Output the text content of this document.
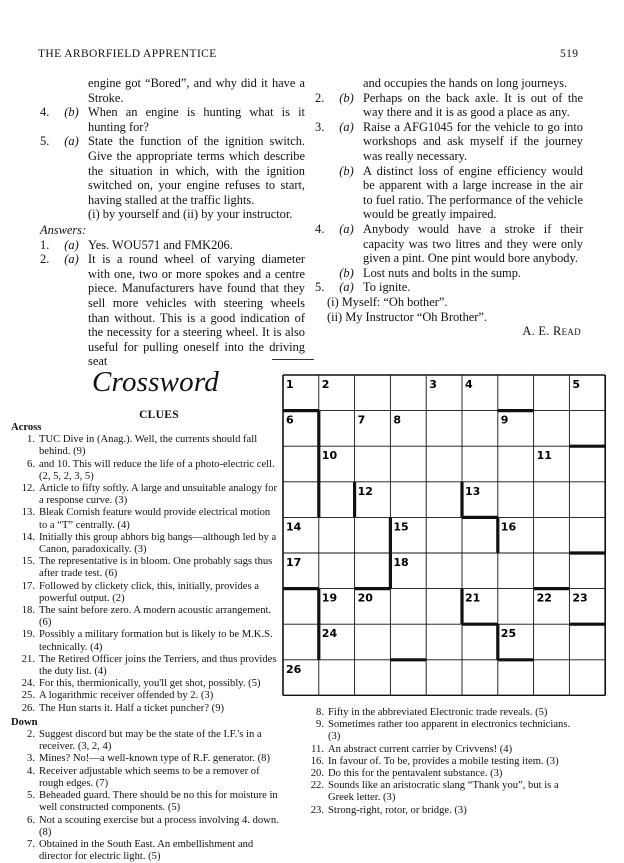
THE ARBORFIELD APPRENTICE	519
engine got “Bored”, and why did it have a Stroke.
4.	(b) When an engine is hunting what is it hunting for?
5.	(a) State the function of the ignition switch. Give the appropriate terms which describe the situation in which, with the ignition switched on, your engine refuses to start, having stalled at the traffic lights.
(i) by yourself and (ii) by your instructor.
Answers:
1.	(a) Yes. WOU571 and FMK206.
2.	(a) It is a round wheel of varying diameter with one, two or more spokes and a centre piece. Manufacturers have found that they sell more vehicles with steering wheels than without. This is a good indication of the necessity for a steering wheel. It is also useful for pulling oneself into the driving seat
and occupies the hands on long journeys.
2.	(b) Perhaps on the back axle. It is out of the way there and it is as good a place as any.
3.	(a) Raise a AFG1045 for the vehicle to go into workshops and ask myself if the journey was really necessary.
(b) A distinct loss of engine efficiency would be apparent with a large increase in the air to fuel ratio. The performance of the vehicle would be greatly impaired.
4.	(a) Anybody would have a stroke if their capacity was two litres and they were only given a pint. One pint would bore anybody.
(b) Lost nuts and bolts in the sump.
5.	(a) To ignite.
(i) Myself: “Oh bother”.
(ii) My Instructor “Oh Brother”.
A. E. Read
Crossword
CLUES
Across
1. TUC Dive in (Anag.). Well, the currents should fall behind. (9)
6. and 10. This will reduce the life of a photo-electric cell. (2, 5, 2, 3, 5)
12. Article to fifty softly. A large and unsuitable analogy for a response curve. (3)
13. Bleak Cornish feature would provide electrical motion to a “T” centrally. (4)
14. Initially this group abhors big bangs—although led by a Canon, paradoxically. (3)
15. The representative is in bloom. One probably sags thus after trade test. (6)
17. Followed by clickety click, this, initially, provides a powerful output. (2)
18. The saint before zero. A modern acoustic arrangement. (6)
19. Possibly a military formation but is likely to be M.K.S. technically. (4)
21. The Retired Officer joins the Terriers, and thus provides the duty list. (4)
24. For this, thermionically, you'll get shot, possibly. (5)
25. A logarithmic receiver offended by 2. (3)
26. The Hun starts it. Half a ticket puncher? (9)
Down
2. Suggest discord but may be the state of the I.F.'s in a receiver. (3, 2, 4)
3. Mines? No!—a well-known type of R.F. generator. (8)
4. Receiver adjustable which seems to be a remover of rough edges. (7)
5. Beheaded guard. There should be no this for moisture in well constructed components. (5)
6. Not a scouting exercise but a process involving 4. down. (8)
7. Obtained in the South East. An embellishment and director for electric light. (5)
8. Fifty in the abbreviated Electronic trade reveals. (5)
9. Sometimes rather too apparent in electronics technicians. (3)
11. An abstract current carrier by Crivvens! (4)
16. In favour of. To be, provides a mobile testing item. (3)
20. Do this for the pentavalent substance. (3)
22. Sounds like an aristocratic slang “Thank you”, but is a Greek letter. (3)
23. Strong-right, rotor, or bridge. (3)
1	2	3	4	5
6	7	8	9
10	11
12	13
14	15	16
17	18
19 20	21	22 23
24	25
26
